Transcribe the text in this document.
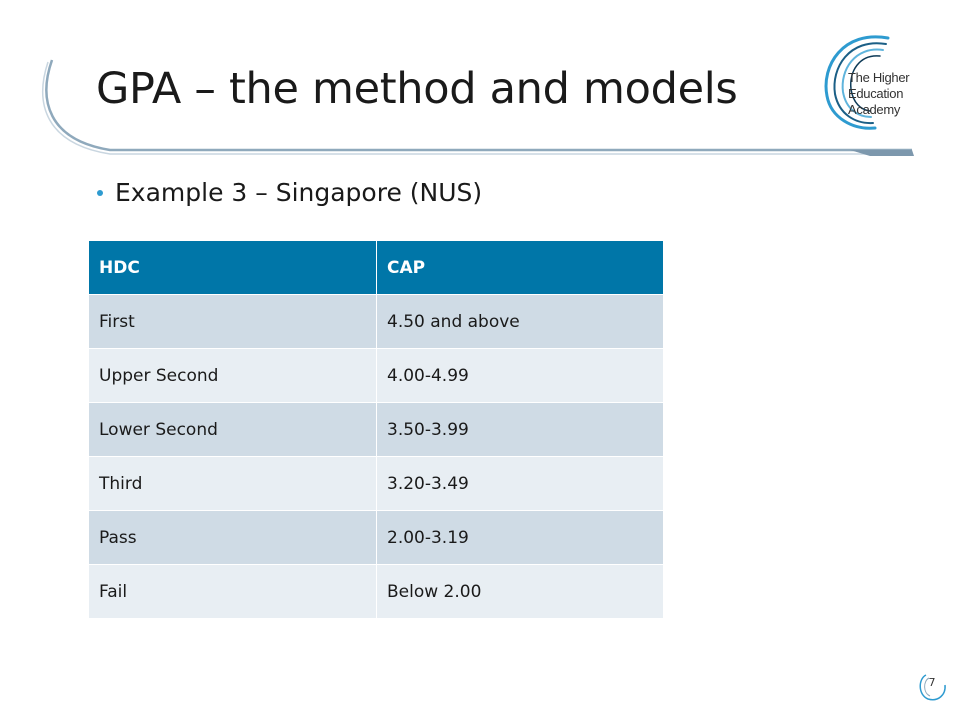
GPA – the method and models
Example 3 – Singapore (NUS)
HDC	CAP
First	4.50 and above
Upper Second	4.00-4.99
Lower Second	3.50-3.99
Third	3.20-3.49
Pass	2.00-3.19
Fail	Below 2.00
The Higher
Education
Academy
7
